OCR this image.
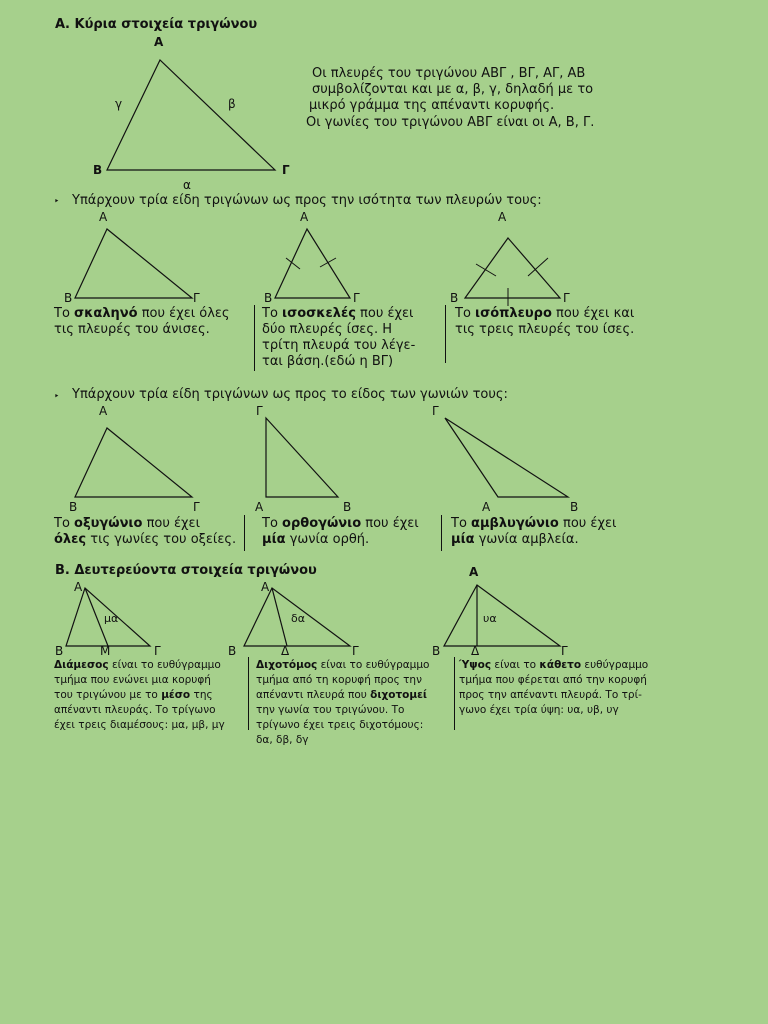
Α. Κύρια στοιχεία τριγώνου
Α
Β	Γ
α
β
γ
Οι πλευρές του τριγώνου ΑΒΓ , ΒΓ, ΑΓ, ΑΒ
συμβολίζονται και με α, β, γ, δηλαδή με το
μικρό γράμμα της απέναντι κορυφής.
Οι γωνίες του τριγώνου ΑΒΓ είναι οι Α, Β, Γ.
‣ Υπάρχουν τρία είδη τριγώνων ως προς την ισότητα των πλευρών τους:
Α
Β	Γ
Α
Β	Γ
Α
Β	Γ
Το σκαληνό που έχει όλες
τις πλευρές του άνισες.
Το ισοσκελές που έχει
δύο πλευρές ίσες. Η
τρίτη πλευρά του λέγε-
ται βάση.(εδώ η ΒΓ)
Το ισόπλευρο που έχει και
τις τρεις πλευρές του ίσες.
‣ Υπάρχουν τρία είδη τριγώνων ως προς το είδος των γωνιών τους:
Α
Β	Γ
Γ
Α	Β
Γ
Α	Β
Το οξυγώνιο που έχει
όλες τις γωνίες του οξείες.
Το ορθογώνιο που έχει
μία γωνία ορθή.
Το αμβλυγώνιο που έχει
μία γωνία αμβλεία.
Β. Δευτερεύοντα στοιχεία τριγώνου	Α
Α
Β	Μ	Γ
μα
Α
Β	Δ	Γ
δα
Β	Δ	Γ
υα
Διάμεσος είναι το ευθύγραμμο
τμήμα που ενώνει μια κορυφή
του τριγώνου με το μέσο της
απέναντι πλευράς. Το τρίγωνο
έχει τρεις διαμέσους: μα, μβ, μγ
Διχοτόμος είναι το ευθύγραμμο
τμήμα από τη κορυφή προς την
απέναντι πλευρά που διχοτομεί
την γωνία του τριγώνου. Το
τρίγωνο έχει τρεις διχοτόμους:
δα, δβ, δγ
Ύψος είναι το κάθετο ευθύγραμμο
τμήμα που φέρεται από την κορυφή
προς την απέναντι πλευρά. Το τρί-
γωνο έχει τρία ύψη: υα, υβ, υγ
